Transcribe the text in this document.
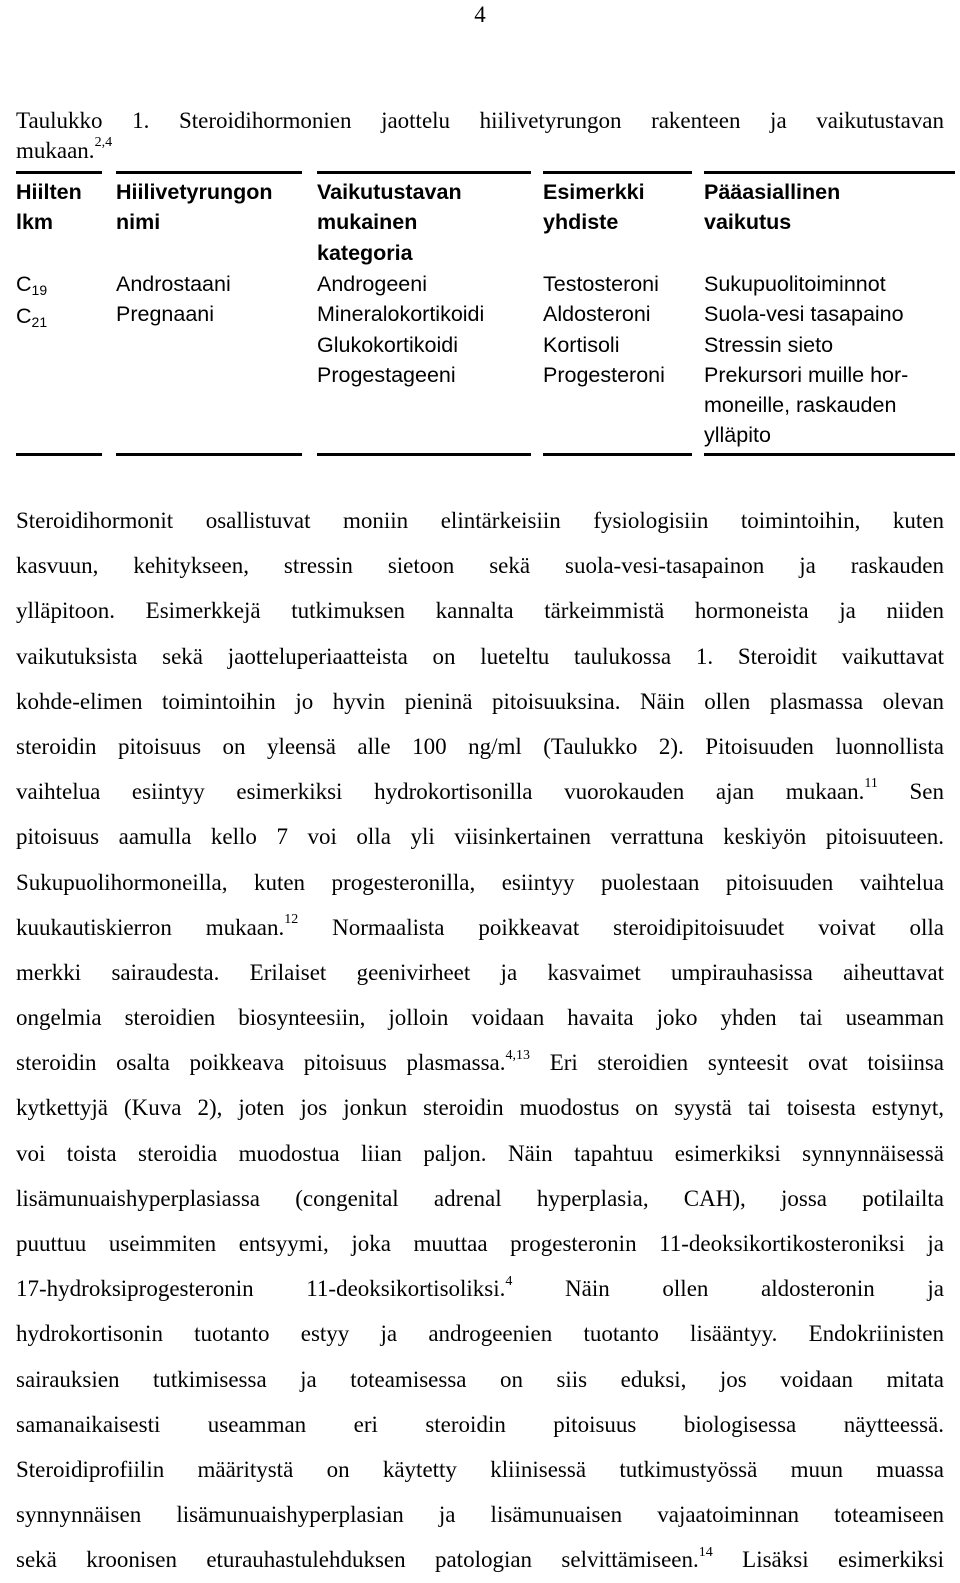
4
Taulukko 1. Steroidihormonien jaottelu hiilivetyrungon rakenteen ja vaikutustavan
mukaan.$^{2,4}$
Hiilten
lkm
C19
C21
Hiilivetyrungon
nimi
Androstaani
Pregnaani
Vaikutustavan
mukainen
kategoria
Androgeeni
Mineralokortikoidi
Glukokortikoidi
Progestageeni
Esimerkki
yhdiste
Testosteroni
Aldosteroni
Kortisoli
Progesteroni
Pääasiallinen
vaikutus
Sukupuolitoiminnot
Suola-vesi tasapaino
Stressin sieto
Prekursori muille hor-
moneille, raskauden
ylläpito
Steroidihormonit osallistuvat moniin elintärkeisiin fysiologisiin toimintoihin, kuten
kasvuun, kehitykseen, stressin sietoon sekä suola-vesi-tasapainon ja raskauden
ylläpitoon. Esimerkkejä tutkimuksen kannalta tärkeimmistä hormoneista ja niiden
vaikutuksista sekä jaotteluperiaatteista on lueteltu taulukossa 1. Steroidit vaikuttavat
kohde-elimen toimintoihin jo hyvin pieninä pitoisuuksina. Näin ollen plasmassa olevan
steroidin pitoisuus on yleensä alle 100 ng/ml (Taulukko 2). Pitoisuuden luonnollista
vaihtelua esiintyy esimerkiksi hydrokortisonilla vuorokauden ajan mukaan.$^{11}$ Sen
pitoisuus aamulla kello 7 voi olla yli viisinkertainen verrattuna keskiyön pitoisuuteen.
Sukupuolihormoneilla, kuten progesteronilla, esiintyy puolestaan pitoisuuden vaihtelua
kuukautiskierron mukaan.$^{12}$ Normaalista poikkeavat steroidipitoisuudet voivat olla
merkki sairaudesta. Erilaiset geenivirheet ja kasvaimet umpirauhasissa aiheuttavat
ongelmia steroidien biosynteesiin, jolloin voidaan havaita joko yhden tai useamman
steroidin osalta poikkeava pitoisuus plasmassa.$^{4,13}$ Eri steroidien synteesit ovat toisiinsa
kytkettyjä (Kuva 2), joten jos jonkun steroidin muodostus on syystä tai toisesta estynyt,
voi toista steroidia muodostua liian paljon. Näin tapahtuu esimerkiksi synnynnäisessä
lisämunuaishyperplasiassa (congenital adrenal hyperplasia, CAH), jossa potilailta
puuttuu useimmiten entsyymi, joka muuttaa progesteronin 11-deoksikortikosteroniksi ja
17-hydroksiprogesteronin 11-deoksikortisoliksi.$^4$ Näin ollen aldosteronin ja
hydrokortisonin tuotanto estyy ja androgeenien tuotanto lisääntyy. Endokriinisten
sairauksien tutkimisessa ja toteamisessa on siis eduksi, jos voidaan mitata
samanaikaisesti useamman eri steroidin pitoisuus biologisessa näytteessä.
Steroidiprofiilin määritystä on käytetty kliinisessä tutkimustyössä muun muassa
synnynnäisen lisämunuaishyperplasian ja lisämunuaisen vajaatoiminnan toteamiseen
sekä kroonisen eturauhastulehduksen patologian selvittämiseen.$^{14}$ Lisäksi esimerkiksi
